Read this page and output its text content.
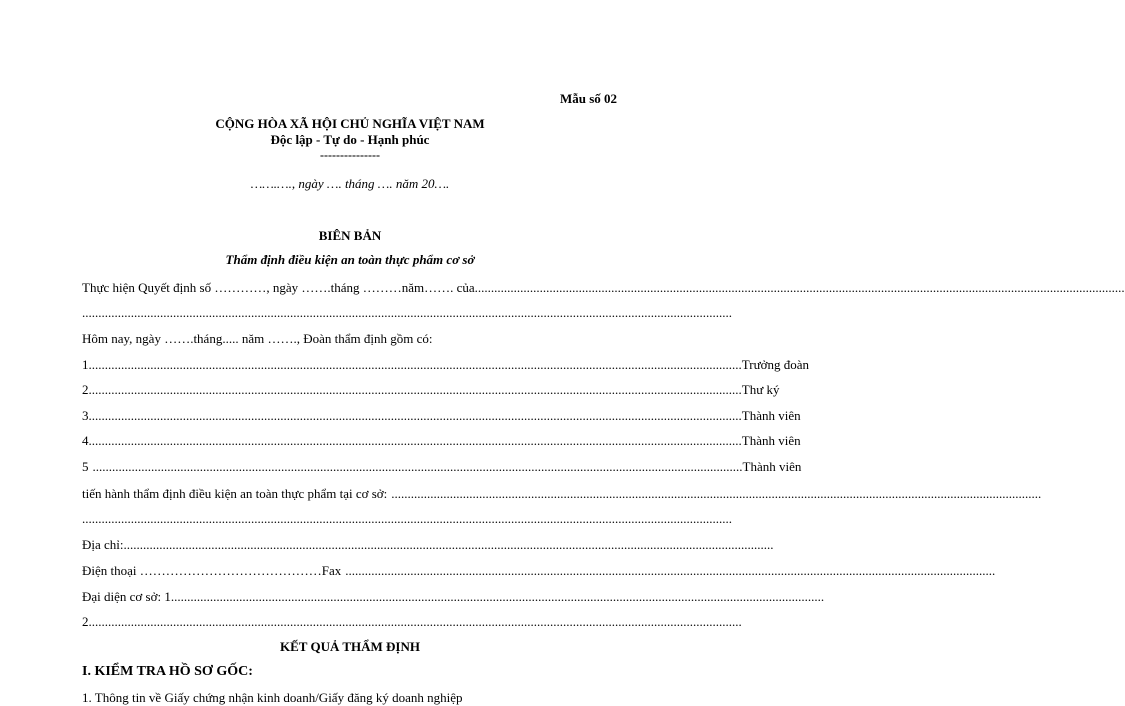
Mẫu số 02
CỘNG HÒA XÃ HỘI CHỦ NGHĨA VIỆT NAM
Độc lập - Tự do - Hạnh phúc
---------------
…….…., ngày …. tháng …. năm 20….
BIÊN BẢN
Thẩm định điều kiện an toàn thực phẩm cơ sở
Thực hiện Quyết định số …………, ngày …….tháng ………năm……. của ........................................................................................................................................................................................................
........................................................................................................................................................................................................
Hôm nay, ngày …….tháng..... năm ……., Đoàn thẩm định gồm có:
1. ........................................................................................................................................................................................................ Trưởng đoàn
2. ........................................................................................................................................................................................................ Thư ký
3. ........................................................................................................................................................................................................ Thành viên
4. ........................................................................................................................................................................................................ Thành viên
5 ........................................................................................................................................................................................................ Thành viên
tiến hành thẩm định điều kiện an toàn thực phẩm tại cơ sở: ........................................................................................................................................................................................................
........................................................................................................................................................................................................
Địa chỉ: ........................................................................................................................................................................................................
Điện thoại …………………………………… Fax ........................................................................................................................................................................................................
Đại diện cơ sở: 1. ........................................................................................................................................................................................................
2. ........................................................................................................................................................................................................
KẾT QUẢ THẨM ĐỊNH
I. KIỂM TRA HỒ SƠ GỐC:
1. Thông tin về Giấy chứng nhận kinh doanh/Giấy đăng ký doanh nghiệp
